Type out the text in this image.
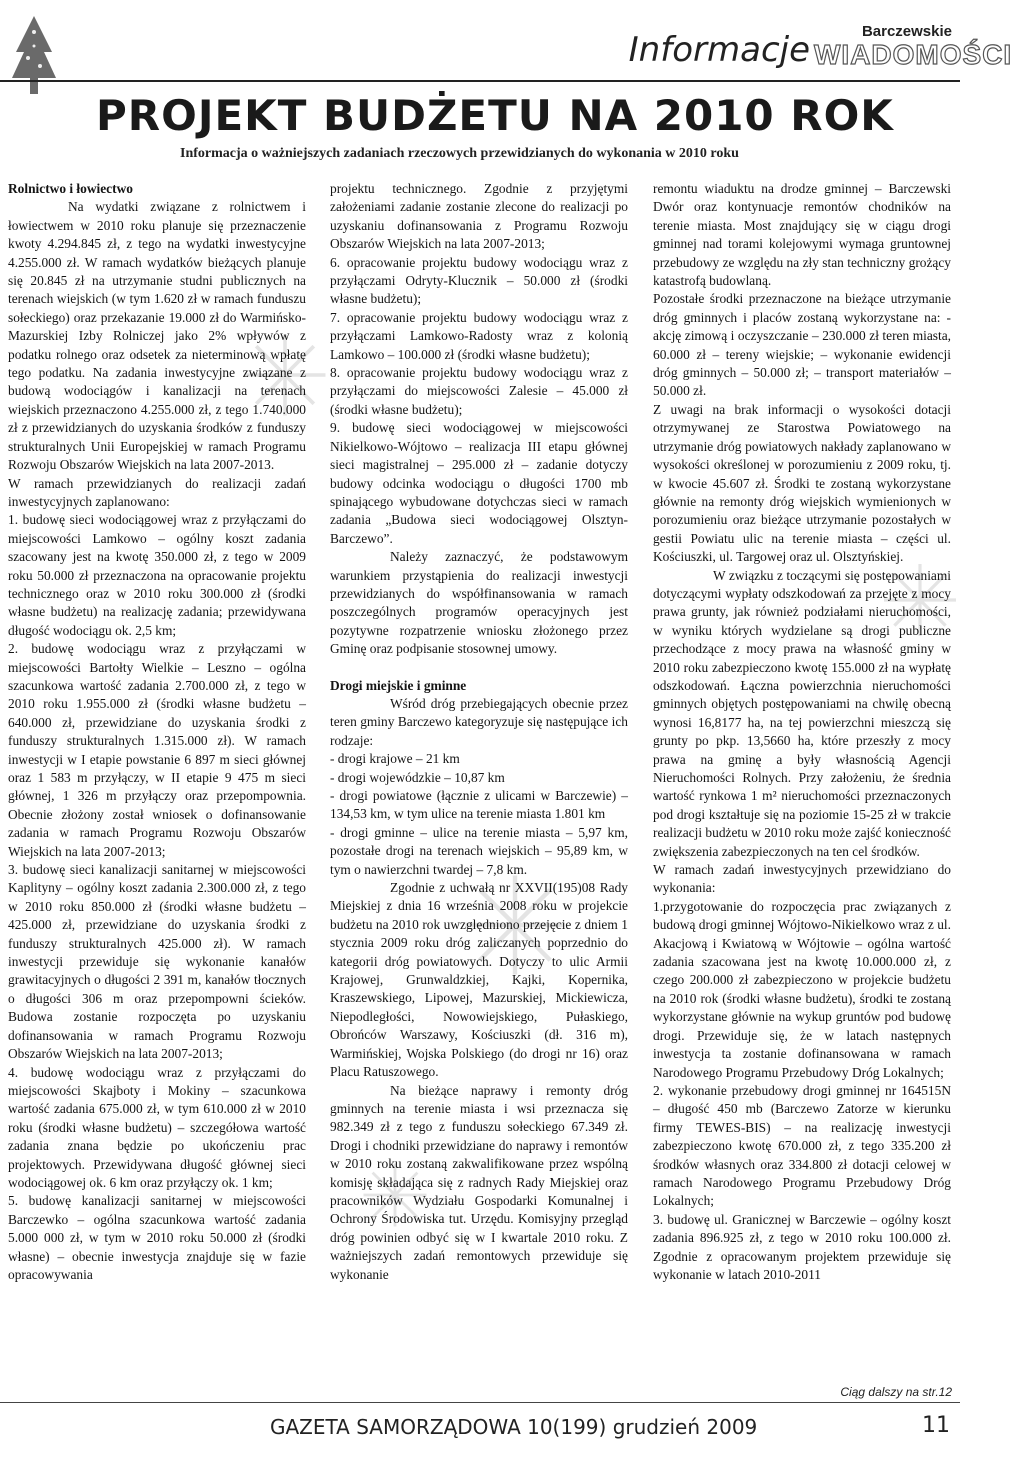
Informacje	Barczewskie
WIADOMOŚCI
PROJEKT BUDŻETU NA 2010 ROK
Informacja o ważniejszych zadaniach rzeczowych przewidzianych do wykonania w 2010 roku

Rolnictwo i łowiectwo

Na wydatki związane z rolnictwem i łowiectwem w 2010 roku planuje się przeznaczenie kwoty 4.294.845 zł, z tego na wydatki inwestycyjne 4.255.000 zł. W ramach wydatków bieżących planuje się 20.845 zł na utrzymanie studni publicznych na terenach wiejskich (w tym 1.620 zł w ramach funduszu sołeckiego) oraz przekazanie 19.000 zł do Warmińsko-Mazurskiej Izby Rolniczej jako 2% wpływów z podatku rolnego oraz odsetek za nieterminową wpłatę tego podatku. Na zadania inwestycyjne związane z budową wodociągów i kanalizacji na terenach wiejskich przeznaczono 4.255.000 zł, z tego 1.740.000 zł z przewidzianych do uzyskania środków z funduszy strukturalnych Unii Europejskiej w ramach Programu Rozwoju Obszarów Wiejskich na lata 2007-2013.

W ramach przewidzianych do realizacji zadań inwestycyjnych zaplanowano:

1. budowę sieci wodociągowej wraz z przyłączami do miejscowości Lamkowo – ogólny koszt zadania szacowany jest na kwotę 350.000 zł, z tego w 2009 roku 50.000 zł przeznaczona na opracowanie projektu technicznego oraz w 2010 roku 300.000 zł (środki własne budżetu) na realizację zadania; przewidywana długość wodociągu ok. 2,5 km;

2. budowę wodociągu wraz z przyłączami w miejscowości Bartołty Wielkie – Leszno – ogólna szacunkowa wartość zadania 2.700.000 zł, z tego w 2010 roku 1.955.000 zł (środki własne budżetu – 640.000 zł, przewidziane do uzyskania środki z funduszy strukturalnych 1.315.000 zł). W ramach inwestycji w I etapie powstanie 6 897 m sieci głównej oraz 1 583 m przyłączy, w II etapie 9 475 m sieci głównej, 1 326 m przyłączy oraz przepompownia. Obecnie złożony został wniosek o dofinansowanie zadania w ramach Programu Rozwoju Obszarów Wiejskich na lata 2007-2013;

3. budowę sieci kanalizacji sanitarnej w miejscowości Kaplityny – ogólny koszt zadania 2.300.000 zł, z tego w 2010 roku 850.000 zł (środki własne budżetu – 425.000 zł, przewidziane do uzyskania środki z funduszy strukturalnych 425.000 zł). W ramach inwestycji przewiduje się wykonanie kanałów grawitacyjnych o długości 2 391 m, kanałów tłocznych o długości 306 m oraz przepompowni ścieków. Budowa zostanie rozpoczęta po uzyskaniu dofinansowania w ramach Programu Rozwoju Obszarów Wiejskich na lata 2007-2013;

4. budowę wodociągu wraz z przyłączami do miejscowości Skajboty i Mokiny – szacunkowa wartość zadania 675.000 zł, w tym 610.000 zł w 2010 roku (środki własne budżetu) – szczegółowa wartość zadania znana będzie po ukończeniu prac projektowych. Przewidywana długość głównej sieci wodociągowej ok. 6 km oraz przyłączy ok. 1 km;

5. budowę kanalizacji sanitarnej w miejscowości Barczewko – ogólna szacunkowa wartość zadania 5.000 000 zł, w tym w 2010 roku 50.000 zł (środki własne) – obecnie inwestycja znajduje się w fazie opracowywania

projektu technicznego. Zgodnie z przyjętymi założeniami zadanie zostanie zlecone do realizacji po uzyskaniu dofinansowania z Programu Rozwoju Obszarów Wiejskich na lata 2007-2013;

6. opracowanie projektu budowy wodociągu wraz z przyłączami Odryty-Klucznik – 50.000 zł (środki własne budżetu);

7. opracowanie projektu budowy wodociągu wraz z przyłączami Lamkowo-Radosty wraz z kolonią Lamkowo – 100.000 zł (środki własne budżetu);

8. opracowanie projektu budowy wodociągu wraz z przyłączami do miejscowości Zalesie – 45.000 zł (środki własne budżetu);

9. budowę sieci wodociągowej w miejscowości Nikielkowo-Wójtowo – realizacja III etapu głównej sieci magistralnej – 295.000 zł – zadanie dotyczy budowy odcinka wodociągu o długości 1700 mb spinającego wybudowane dotychczas sieci w ramach zadania „Budowa sieci wodociągowej Olsztyn-Barczewo”.

Należy zaznaczyć, że podstawowym warunkiem przystąpienia do realizacji inwestycji przewidzianych do współfinansowania w ramach poszczególnych programów operacyjnych jest pozytywne rozpatrzenie wniosku złożonego przez Gminę oraz podpisanie stosownej umowy.

Drogi miejskie i gminne

Wśród dróg przebiegających obecnie przez teren gminy Barczewo kategoryzuje się następujące ich rodzaje:

- drogi krajowe – 21 km

- drogi wojewódzkie – 10,87 km

- drogi powiatowe (łącznie z ulicami w Barczewie) – 134,53 km, w tym ulice na terenie miasta 1.801 km

- drogi gminne – ulice na terenie miasta – 5,97 km, pozostałe drogi na terenach wiejskich – 95,89 km, w tym o nawierzchni twardej – 7,8 km.

Zgodnie z uchwałą nr XXVII(195)08 Rady Miejskiej z dnia 16 września 2008 roku w projekcie budżetu na 2010 rok uwzględniono przejęcie z dniem 1 stycznia 2009 roku dróg zaliczanych poprzednio do kategorii dróg powiatowych. Dotyczy to ulic Armii Krajowej, Grunwaldzkiej, Kajki, Kopernika, Kraszewskiego, Lipowej, Mazurskiej, Mickiewicza, Niepodległości, Nowowiejskiego, Pułaskiego, Obrońców Warszawy, Kościuszki (dł. 316 m), Warmińskiej, Wojska Polskiego (do drogi nr 16) oraz Placu Ratuszowego.

Na bieżące naprawy i remonty dróg gminnych na terenie miasta i wsi przeznacza się 982.349 zł z tego z funduszu sołeckiego 67.349 zł. Drogi i chodniki przewidziane do naprawy i remontów w 2010 roku zostaną zakwalifikowane przez wspólną komisję składająca się z radnych Rady Miejskiej oraz pracowników Wydziału Gospodarki Komunalnej i Ochrony Środowiska tut. Urzędu. Komisyjny przegląd dróg powinien odbyć się w I kwartale 2010 roku. Z ważniejszych zadań remontowych przewiduje się wykonanie

remontu wiaduktu na drodze gminnej – Barczewski Dwór oraz kontynuacje remontów chodników na terenie miasta. Most znajdujący się w ciągu drogi gminnej nad torami kolejowymi wymaga gruntownej przebudowy ze względu na zły stan techniczny grożący katastrofą budowlaną.

Pozostałe środki przeznaczone na bieżące utrzymanie dróg gminnych i placów zostaną wykorzystane na: - akcję zimową i oczyszczanie – 230.000 zł teren miasta, 60.000 zł – tereny wiejskie; – wykonanie ewidencji dróg gminnych – 50.000 zł; – transport materiałów – 50.000 zł.

Z uwagi na brak informacji o wysokości dotacji otrzymywanej ze Starostwa Powiatowego na utrzymanie dróg powiatowych nakłady zaplanowano w wysokości określonej w porozumieniu z 2009 roku, tj. w kwocie 45.607 zł. Środki te zostaną wykorzystane głównie na remonty dróg wiejskich wymienionych w porozumieniu oraz bieżące utrzymanie pozostałych w gestii Powiatu ulic na terenie miasta – części ul. Kościuszki, ul. Targowej oraz ul. Olsztyńskiej.

W związku z toczącymi się postępowaniami dotyczącymi wypłaty odszkodowań za przejęte z mocy prawa grunty, jak również podziałami nieruchomości, w wyniku których wydzielane są drogi publiczne przechodzące z mocy prawa na własność gminy w 2010 roku zabezpieczono kwotę 155.000 zł na wypłatę odszkodowań. Łączna powierzchnia nieruchomości gminnych objętych postępowaniami na chwilę obecną wynosi 16,8177 ha, na tej powierzchni mieszczą się grunty po pkp. 13,5660 ha, które przeszły z mocy prawa na gminę a były własnością Agencji Nieruchomości Rolnych. Przy założeniu, że średnia wartość rynkowa 1 m² nieruchomości przeznaczonych pod drogi kształtuje się na poziomie 15-25 zł w trakcie realizacji budżetu w 2010 roku może zajść konieczność zwiększenia zabezpieczonych na ten cel środków.

W ramach zadań inwestycyjnych przewidziano do wykonania:

1.przygotowanie do rozpoczęcia prac związanych z budową drogi gminnej Wójtowo-Nikielkowo wraz z ul. Akacjową i Kwiatową w Wójtowie – ogólna wartość zadania szacowana jest na kwotę 10.000.000 zł, z czego 200.000 zł zabezpieczono w projekcie budżetu na 2010 rok (środki własne budżetu), środki te zostaną wykorzystane głównie na wykup gruntów pod budowę drogi. Przewiduje się, że w latach następnych inwestycja ta zostanie dofinansowana w ramach Narodowego Programu Przebudowy Dróg Lokalnych;

2. wykonanie przebudowy drogi gminnej nr 164515N – długość 450 mb (Barczewo Zatorze w kierunku firmy TEWES-BIS) – na realizację inwestycji zabezpieczono kwotę 670.000 zł, z tego 335.200 zł środków własnych oraz 334.800 zł dotacji celowej w ramach Narodowego Programu Przebudowy Dróg Lokalnych;

3. budowę ul. Granicznej w Barczewie – ogólny koszt zadania 896.925 zł, z tego w 2010 roku 100.000 zł. Zgodnie z opracowanym projektem przewiduje się wykonanie w latach 2010-2011

Ciąg dalszy na str.12
GAZETA SAMORZĄDOWA 10(199) grudzień 2009	11
